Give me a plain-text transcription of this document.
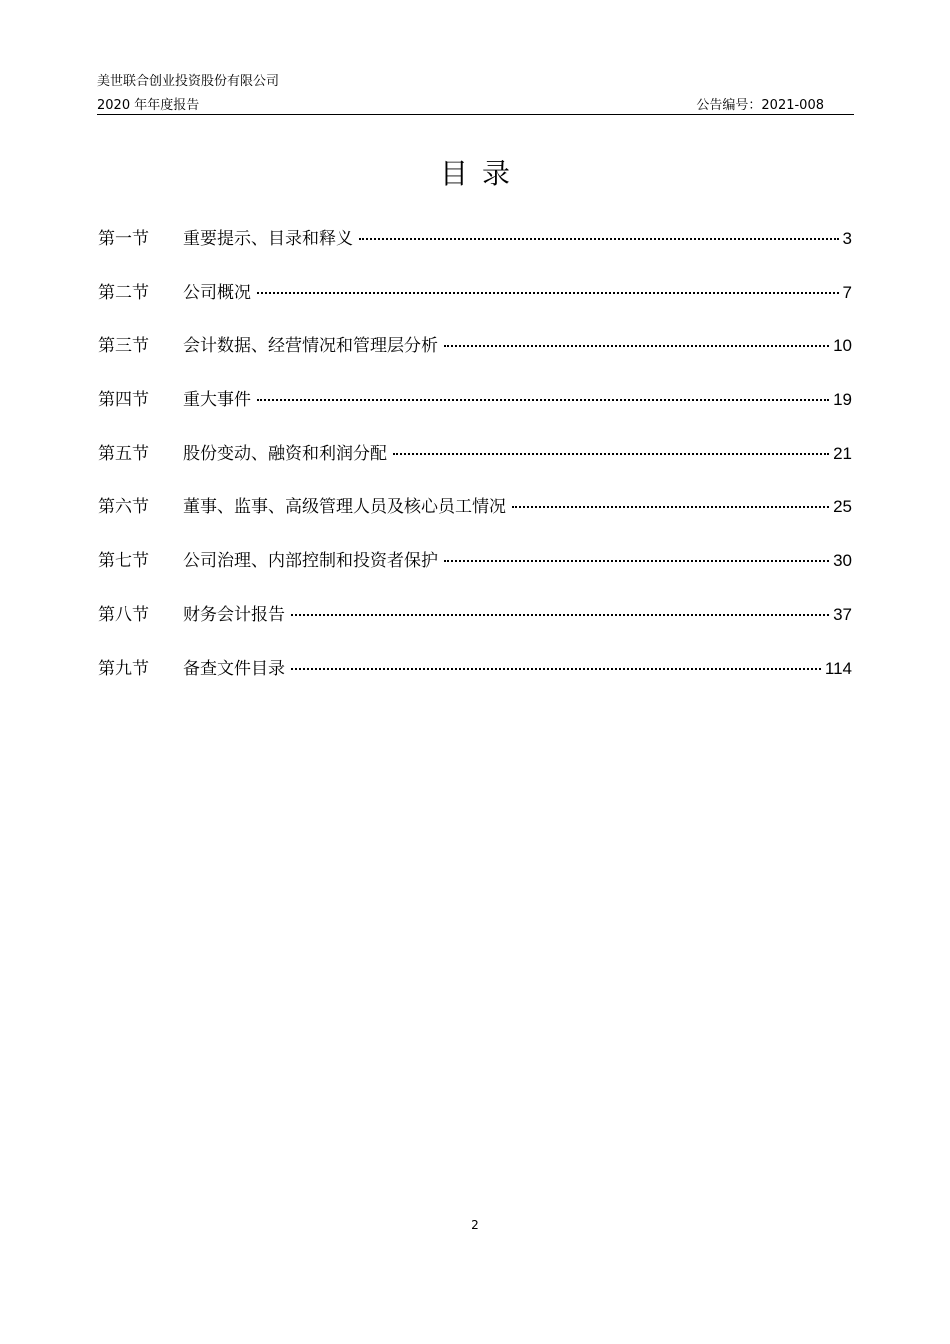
美世联合创业投资股份有限公司
2020 年年度报告	公告编号：2021-008
目录
第一节	重要提示、目录和释义	3
第二节	公司概况	7
第三节	会计数据、经营情况和管理层分析	10
第四节	重大事件	19
第五节	股份变动、融资和利润分配	21
第六节	董事、监事、高级管理人员及核心员工情况	25
第七节	公司治理、内部控制和投资者保护	30
第八节	财务会计报告	37
第九节	备查文件目录	114
2
